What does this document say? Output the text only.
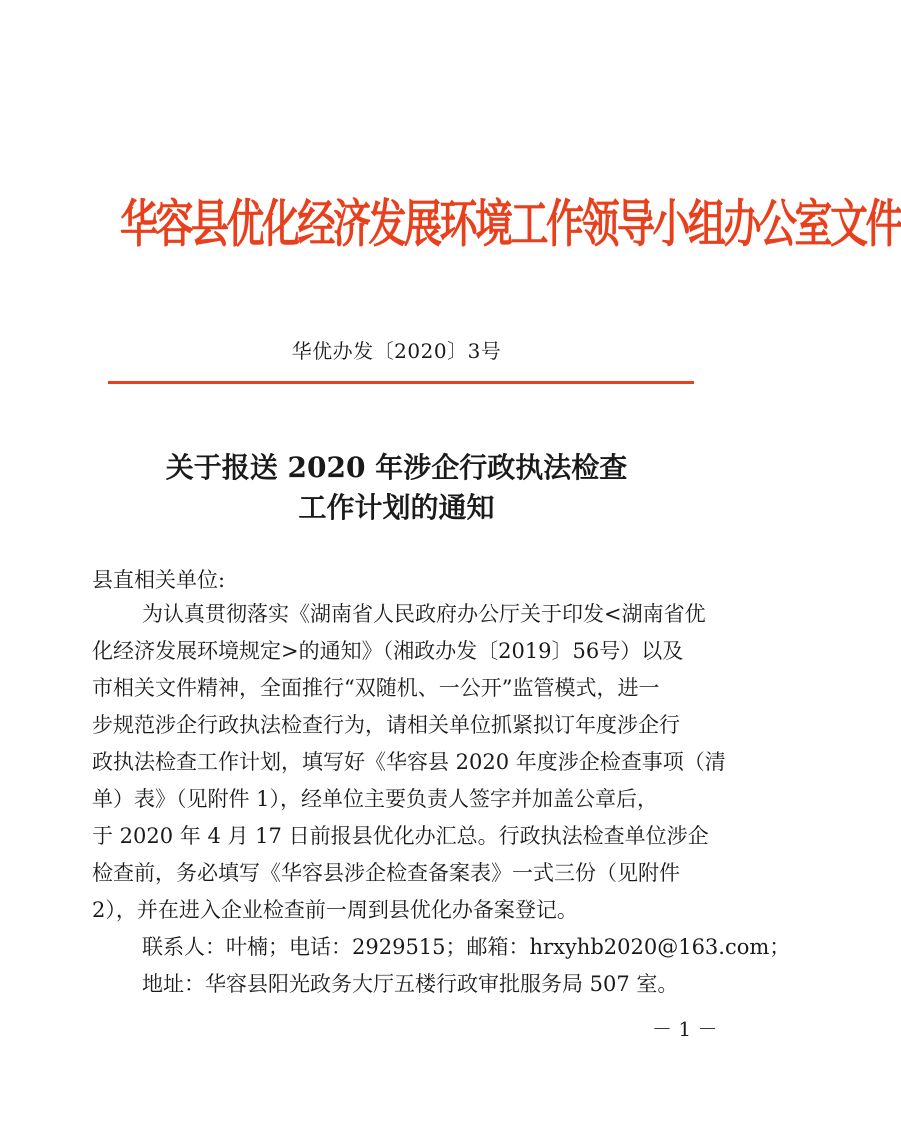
华容县优化经济发展环境工作领导小组办公室文件

华优办发〔2020〕3号

关于报送 2020 年涉企行政执法检查
工作计划的通知

县直相关单位:

为认真贯彻落实《湖南省人民政府办公厅关于印发<湖南省优
化经济发展环境规定>的通知》（湘政办发〔2019〕56号）以及
市相关文件精神，全面推行“双随机、一公开”监管模式，进一
步规范涉企行政执法检查行为，请相关单位抓紧拟订年度涉企行
政执法检查工作计划，填写好《华容县 2020 年度涉企检查事项（清
单）表》（见附件 1），经单位主要负责人签字并加盖公章后，
于 2020 年 4 月 17 日前报县优化办汇总。行政执法检查单位涉企
检查前，务必填写《华容县涉企检查备案表》一式三份（见附件
2），并在进入企业检查前一周到县优化办备案登记。
联系人：叶楠；电话：2929515；邮箱：hrxyhb2020@163.com；
地址：华容县阳光政务大厅五楼行政审批服务局 507 室。

－ 1 －
